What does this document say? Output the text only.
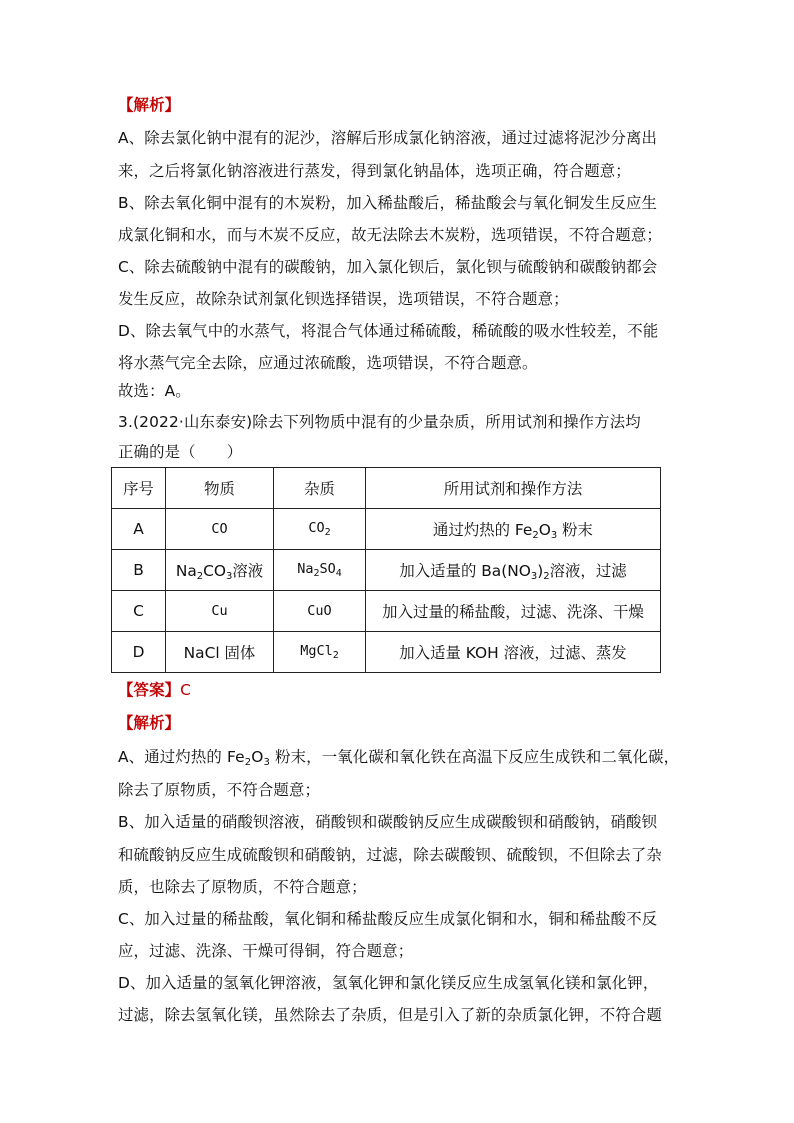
【解析】
A、除去氯化钠中混有的泥沙，溶解后形成氯化钠溶液，通过过滤将泥沙分离出
来，之后将氯化钠溶液进行蒸发，得到氯化钠晶体，选项正确，符合题意；
B、除去氧化铜中混有的木炭粉，加入稀盐酸后，稀盐酸会与氧化铜发生反应生
成氯化铜和水，而与木炭不反应，故无法除去木炭粉，选项错误，不符合题意；
C、除去硫酸钠中混有的碳酸钠，加入氯化钡后，氯化钡与硫酸钠和碳酸钠都会
发生反应，故除杂试剂氯化钡选择错误，选项错误，不符合题意；
D、除去氧气中的水蒸气，将混合气体通过稀硫酸，稀硫酸的吸水性较差，不能
将水蒸气完全去除，应通过浓硫酸，选项错误，不符合题意。
故选：A。
3.(2022·山东泰安)除去下列物质中混有的少量杂质，所用试剂和操作方法均
正确的是（　　）
序号	物质	杂质	所用试剂和操作方法
A	CO	$CO_2$	通过灼热的 $Fe_2O_3$ 粉末
B	$Na_2CO_3$溶液	$Na_2SO_4$	加入适量的 $Ba(NO_3)_2$溶液，过滤
C	Cu	CuO	加入过量的稀盐酸，过滤、洗涤、干燥
D	NaCl 固体	MgCl$_2$	加入适量 KOH 溶液，过滤、蒸发
【答案】C
【解析】
A、通过灼热的 $Fe_2O_3$ 粉末，一氧化碳和氧化铁在高温下反应生成铁和二氧化碳，
除去了原物质，不符合题意；
B、加入适量的硝酸钡溶液，硝酸钡和碳酸钠反应生成碳酸钡和硝酸钠，硝酸钡
和硫酸钠反应生成硫酸钡和硝酸钠，过滤，除去碳酸钡、硫酸钡，不但除去了杂
质，也除去了原物质，不符合题意；
C、加入过量的稀盐酸，氧化铜和稀盐酸反应生成氯化铜和水，铜和稀盐酸不反
应，过滤、洗涤、干燥可得铜，符合题意；
D、加入适量的氢氧化钾溶液，氢氧化钾和氯化镁反应生成氢氧化镁和氯化钾，
过滤，除去氢氧化镁，虽然除去了杂质，但是引入了新的杂质氯化钾，不符合题
